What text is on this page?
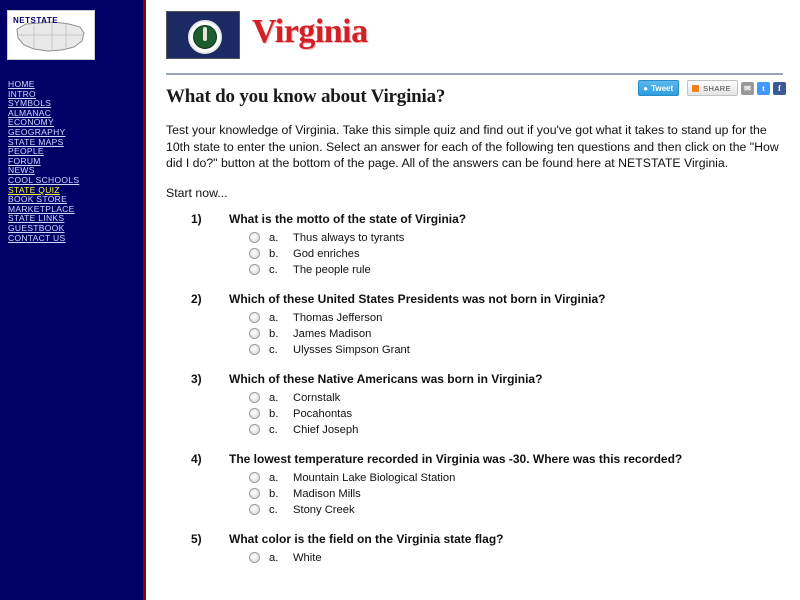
NETSTATE
HOME
INTRO
SYMBOLS
ALMANAC
ECONOMY
GEOGRAPHY
STATE MAPS
PEOPLE
FORUM
NEWS
COOL SCHOOLS
STATE QUIZ
BOOK STORE
MARKETPLACE
STATE LINKS
GUESTBOOK
CONTACT US
Virginia
● Tweet	SHARE	✉	t	f
What do you know about Virginia?

Test your knowledge of Virginia. Take this simple quiz and find out if you've got what it takes to stand up for the 10th state to enter the union. Select an answer for each of the following ten questions and then click on the "How did I do?" button at the bottom of the page. All of the answers can be found here at NETSTATE Virginia.

Start now...

1)	What is the motto of the state of Virginia?
a.	Thus always to tyrants
b.	God enriches
c.	The people rule
2)	Which of these United States Presidents was not born in Virginia?
a.	Thomas Jefferson
b.	James Madison
c.	Ulysses Simpson Grant
3)	Which of these Native Americans was born in Virginia?
a.	Cornstalk
b.	Pocahontas
c.	Chief Joseph
4)	The lowest temperature recorded in Virginia was -30. Where was this recorded?
a.	Mountain Lake Biological Station
b.	Madison Mills
c.	Stony Creek
5)	What color is the field on the Virginia state flag?
a.	White
